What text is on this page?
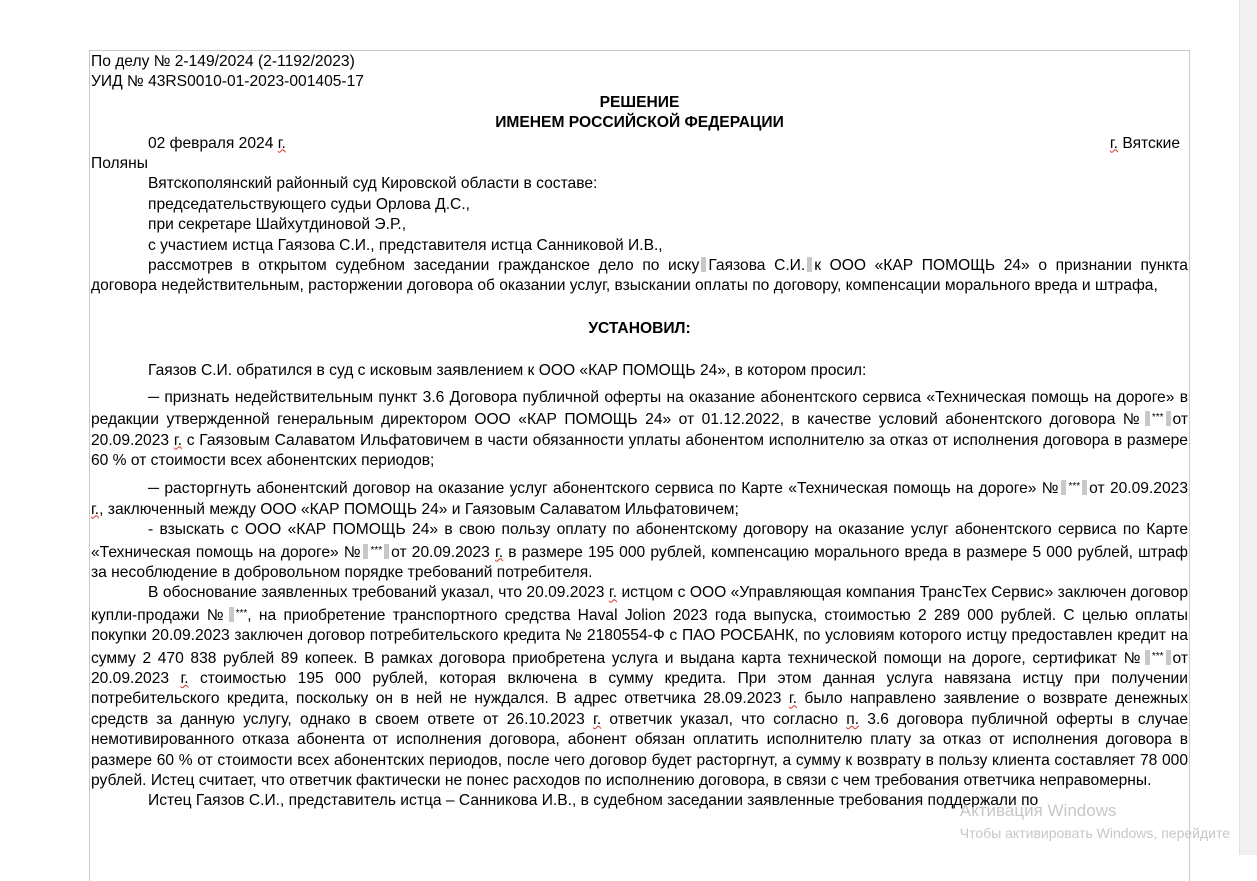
По делу № 2-149/2024 (2-1192/2023)

УИД № 43RS0010-01-2023-001405-17

РЕШЕНИЕ

ИМЕНЕМ РОССИЙСКОЙ ФЕДЕРАЦИИ

02 февраля 2024 г.	г. Вятские

Поляны

Вятскополянский районный суд Кировской области в составе:

председательствующего судьи Орлова Д.С.,

при секретаре Шайхутдиновой Э.Р.,

с участием истца Гаязова С.И., представителя истца Санниковой И.В.,

рассмотрев в открытом судебном заседании гражданское дело по иску Гаязова С.И. к ООО «КАР ПОМОЩЬ 24» о признании пункта договора недействительным, расторжении договора об оказании услуг, взыскании оплаты по договору, компенсации морального вреда и штрафа,

УСТАНОВИЛ:

Гаязов С.И. обратился в суд с исковым заявлением к ООО «КАР ПОМОЩЬ 24», в котором просил:

─ признать недействительным пункт 3.6 Договора публичной оферты на оказание абонентского сервиса «Техническая помощь на дороге» в редакции утвержденной генеральным директором ООО «КАР ПОМОЩЬ 24» от 01.12.2022, в качестве условий абонентского договора № *** от 20.09.2023 г. с Гаязовым Салаватом Ильфатовичем в части обязанности уплаты абонентом исполнителю за отказ от исполнения договора в размере 60 % от стоимости всех абонентских периодов;

─ расторгнуть абонентский договор на оказание услуг абонентского сервиса по Карте «Техническая помощь на дороге» № *** от 20.09.2023 г., заключенный между ООО «КАР ПОМОЩЬ 24» и Гаязовым Салаватом Ильфатовичем;

- взыскать с ООО «КАР ПОМОЩЬ 24» в свою пользу оплату по абонентскому договору на оказание услуг абонентского сервиса по Карте «Техническая помощь на дороге» № *** от 20.09.2023 г. в размере 195 000 рублей, компенсацию морального вреда в размере 5 000 рублей, штраф за несоблюдение в добровольном порядке требований потребителя.

В обоснование заявленных требований указал, что 20.09.2023 г. истцом с ООО «Управляющая компания ТрансТех Сервис» заключен договор купли-продажи № ***, на приобретение транспортного средства Haval Jolion 2023 года выпуска, стоимостью 2 289 000 рублей. С целью оплаты покупки 20.09.2023 заключен договор потребительского кредита № 2180554-Ф с ПАО РОСБАНК, по условиям которого истцу предоставлен кредит на сумму 2 470 838 рублей 89 копеек. В рамках договора приобретена услуга и выдана карта технической помощи на дороге, сертификат № *** от 20.09.2023 г. стоимостью 195 000 рублей, которая включена в сумму кредита. При этом данная услуга навязана истцу при получении потребительского кредита, поскольку он в ней не нуждался. В адрес ответчика 28.09.2023 г. было направлено заявление о возврате денежных средств за данную услугу, однако в своем ответе от 26.10.2023 г. ответчик указал, что согласно п. 3.6 договора публичной оферты в случае немотивированного отказа абонента от исполнения договора, абонент обязан оплатить исполнителю плату за отказ от исполнения договора в размере 60 % от стоимости всех абонентских периодов, после чего договор будет расторгнут, а сумму к возврату в пользу клиента составляет 78 000 рублей. Истец считает, что ответчик фактически не понес расходов по исполнению договора, в связи с чем требования ответчика неправомерны.

Истец Гаязов С.И., представитель истца – Санникова И.В., в судебном заседании заявленные требования поддержали по

Активация Windows
Чтобы активировать Windows, перейдите
